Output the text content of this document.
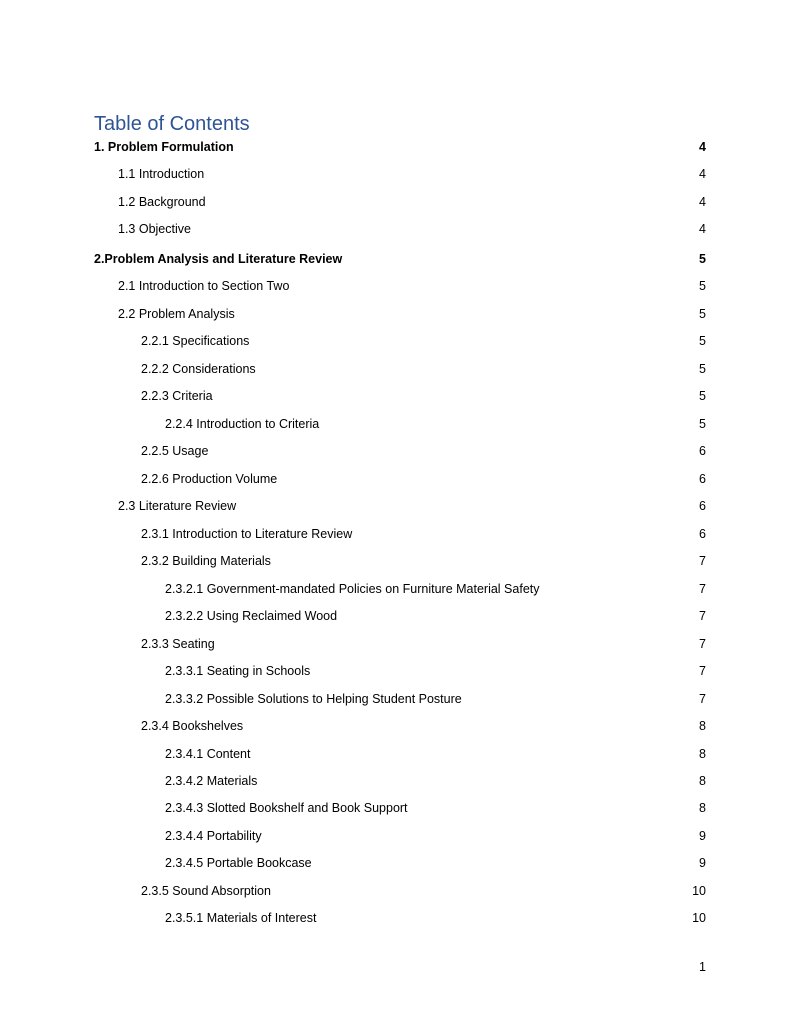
Table of Contents
1. Problem Formulation	4
1.1 Introduction	4
1.2 Background	4
1.3 Objective	4
2.Problem Analysis and Literature Review	5
2.1 Introduction to Section Two	5
2.2 Problem Analysis	5
2.2.1 Specifications	5
2.2.2 Considerations	5
2.2.3 Criteria	5
2.2.4 Introduction to Criteria	5
2.2.5 Usage	6
2.2.6 Production Volume	6
2.3 Literature Review	6
2.3.1 Introduction to Literature Review	6
2.3.2 Building Materials	7
2.3.2.1 Government-mandated Policies on Furniture Material Safety	7
2.3.2.2 Using Reclaimed Wood	7
2.3.3 Seating	7
2.3.3.1 Seating in Schools	7
2.3.3.2 Possible Solutions to Helping Student Posture	7
2.3.4 Bookshelves	8
2.3.4.1 Content	8
2.3.4.2 Materials	8
2.3.4.3 Slotted Bookshelf and Book Support	8
2.3.4.4 Portability	9
2.3.4.5 Portable Bookcase	9
2.3.5 Sound Absorption	10
2.3.5.1 Materials of Interest	10
1
